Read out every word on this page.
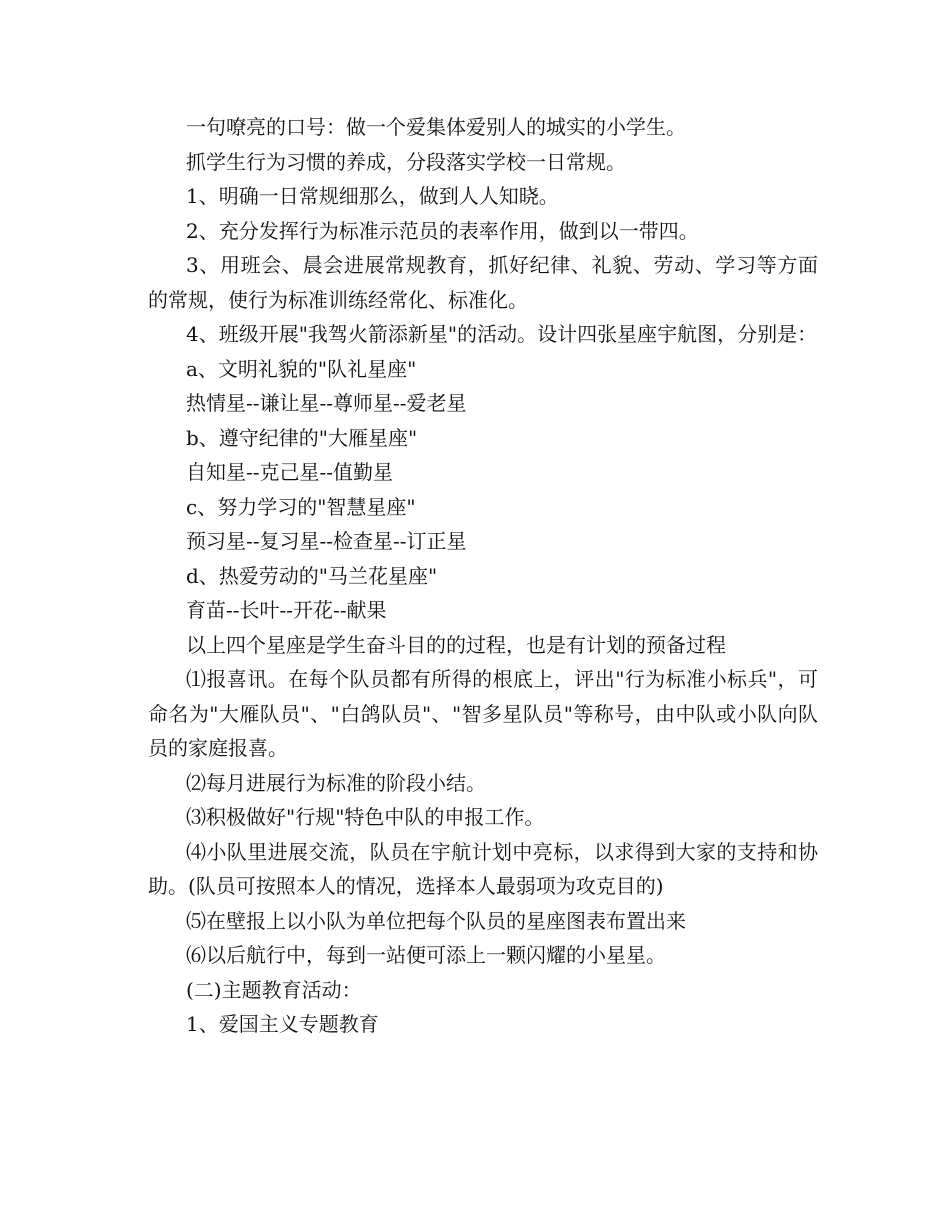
一句嘹亮的口号：做一个爱集体爱别人的城实的小学生。

抓学生行为习惯的养成，分段落实学校一日常规。

1、明确一日常规细那么，做到人人知晓。

2、充分发挥行为标准示范员的表率作用，做到以一带四。

3、用班会、晨会进展常规教育，抓好纪律、礼貌、劳动、学习等方面的常规，使行为标准训练经常化、标准化。

4、班级开展"我驾火箭添新星"的活动。设计四张星座宇航图，分别是：

a、文明礼貌的"队礼星座"

热情星--谦让星--尊师星--爱老星

b、遵守纪律的"大雁星座"

自知星--克己星--值勤星

c、努力学习的"智慧星座"

预习星--复习星--检查星--订正星

d、热爱劳动的"马兰花星座"

育苗--长叶--开花--献果

以上四个星座是学生奋斗目的的过程，也是有计划的预备过程

⑴报喜讯。在每个队员都有所得的根底上，评出"行为标准小标兵"，可命名为"大雁队员"、"白鸽队员"、"智多星队员"等称号，由中队或小队向队员的家庭报喜。

⑵每月进展行为标准的阶段小结。

⑶积极做好"行规"特色中队的申报工作。

⑷小队里进展交流，队员在宇航计划中亮标，以求得到大家的支持和协助。(队员可按照本人的情况，选择本人最弱项为攻克目的)

⑸在壁报上以小队为单位把每个队员的星座图表布置出来

⑹以后航行中，每到一站便可添上一颗闪耀的小星星。

(二)主题教育活动：

1、爱国主义专题教育
